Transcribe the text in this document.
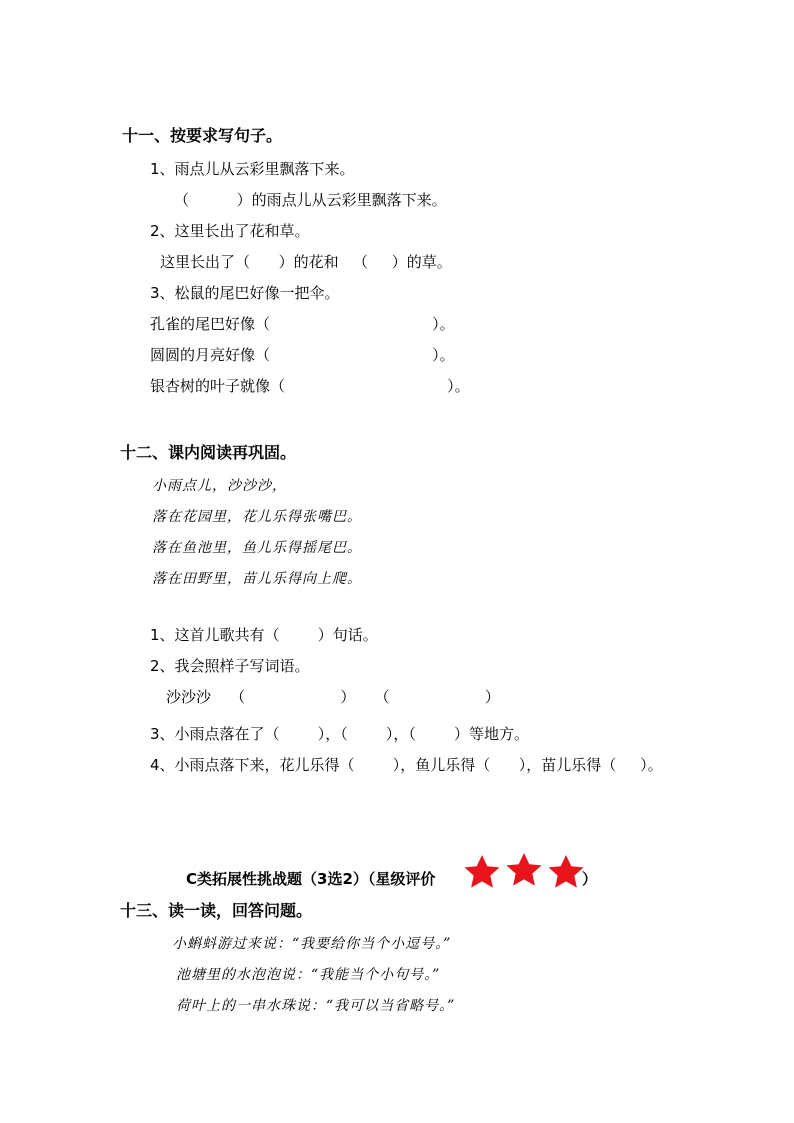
十一、按要求写句子。
1、雨点儿从云彩里飘落下来。
（          ）的雨点儿从云彩里飘落下来。
2、这里长出了花和草。
这里长出了（      ）的花和   （     ）的草。
3、松鼠的尾巴好像一把伞。
孔雀的尾巴好像（                                  ）。
圆圆的月亮好像（                                  ）。
银杏树的叶子就像（                                  ）。
十二、课内阅读再巩固。
小雨点儿，沙沙沙，
落在花园里，花儿乐得张嘴巴。
落在鱼池里，鱼儿乐得摇尾巴。
落在田野里，苗儿乐得向上爬。
1、这首儿歌共有（        ）句话。
2、我会照样子写词语。
沙沙沙    （                    ）    （                    ）
3、小雨点落在了（        ），（        ），（        ）等地方。
4、小雨点落下来，花儿乐得（        ），鱼儿乐得（      ），苗儿乐得（     ）。
C类拓展性挑战题（3选2）（星级评价	）
十三、读一读，回答问题。
小蝌蚪游过来说：“我要给你当个小逗号。”
池塘里的水泡泡说：“我能当个小句号。”
荷叶上的一串水珠说：“我可以当省略号。”
